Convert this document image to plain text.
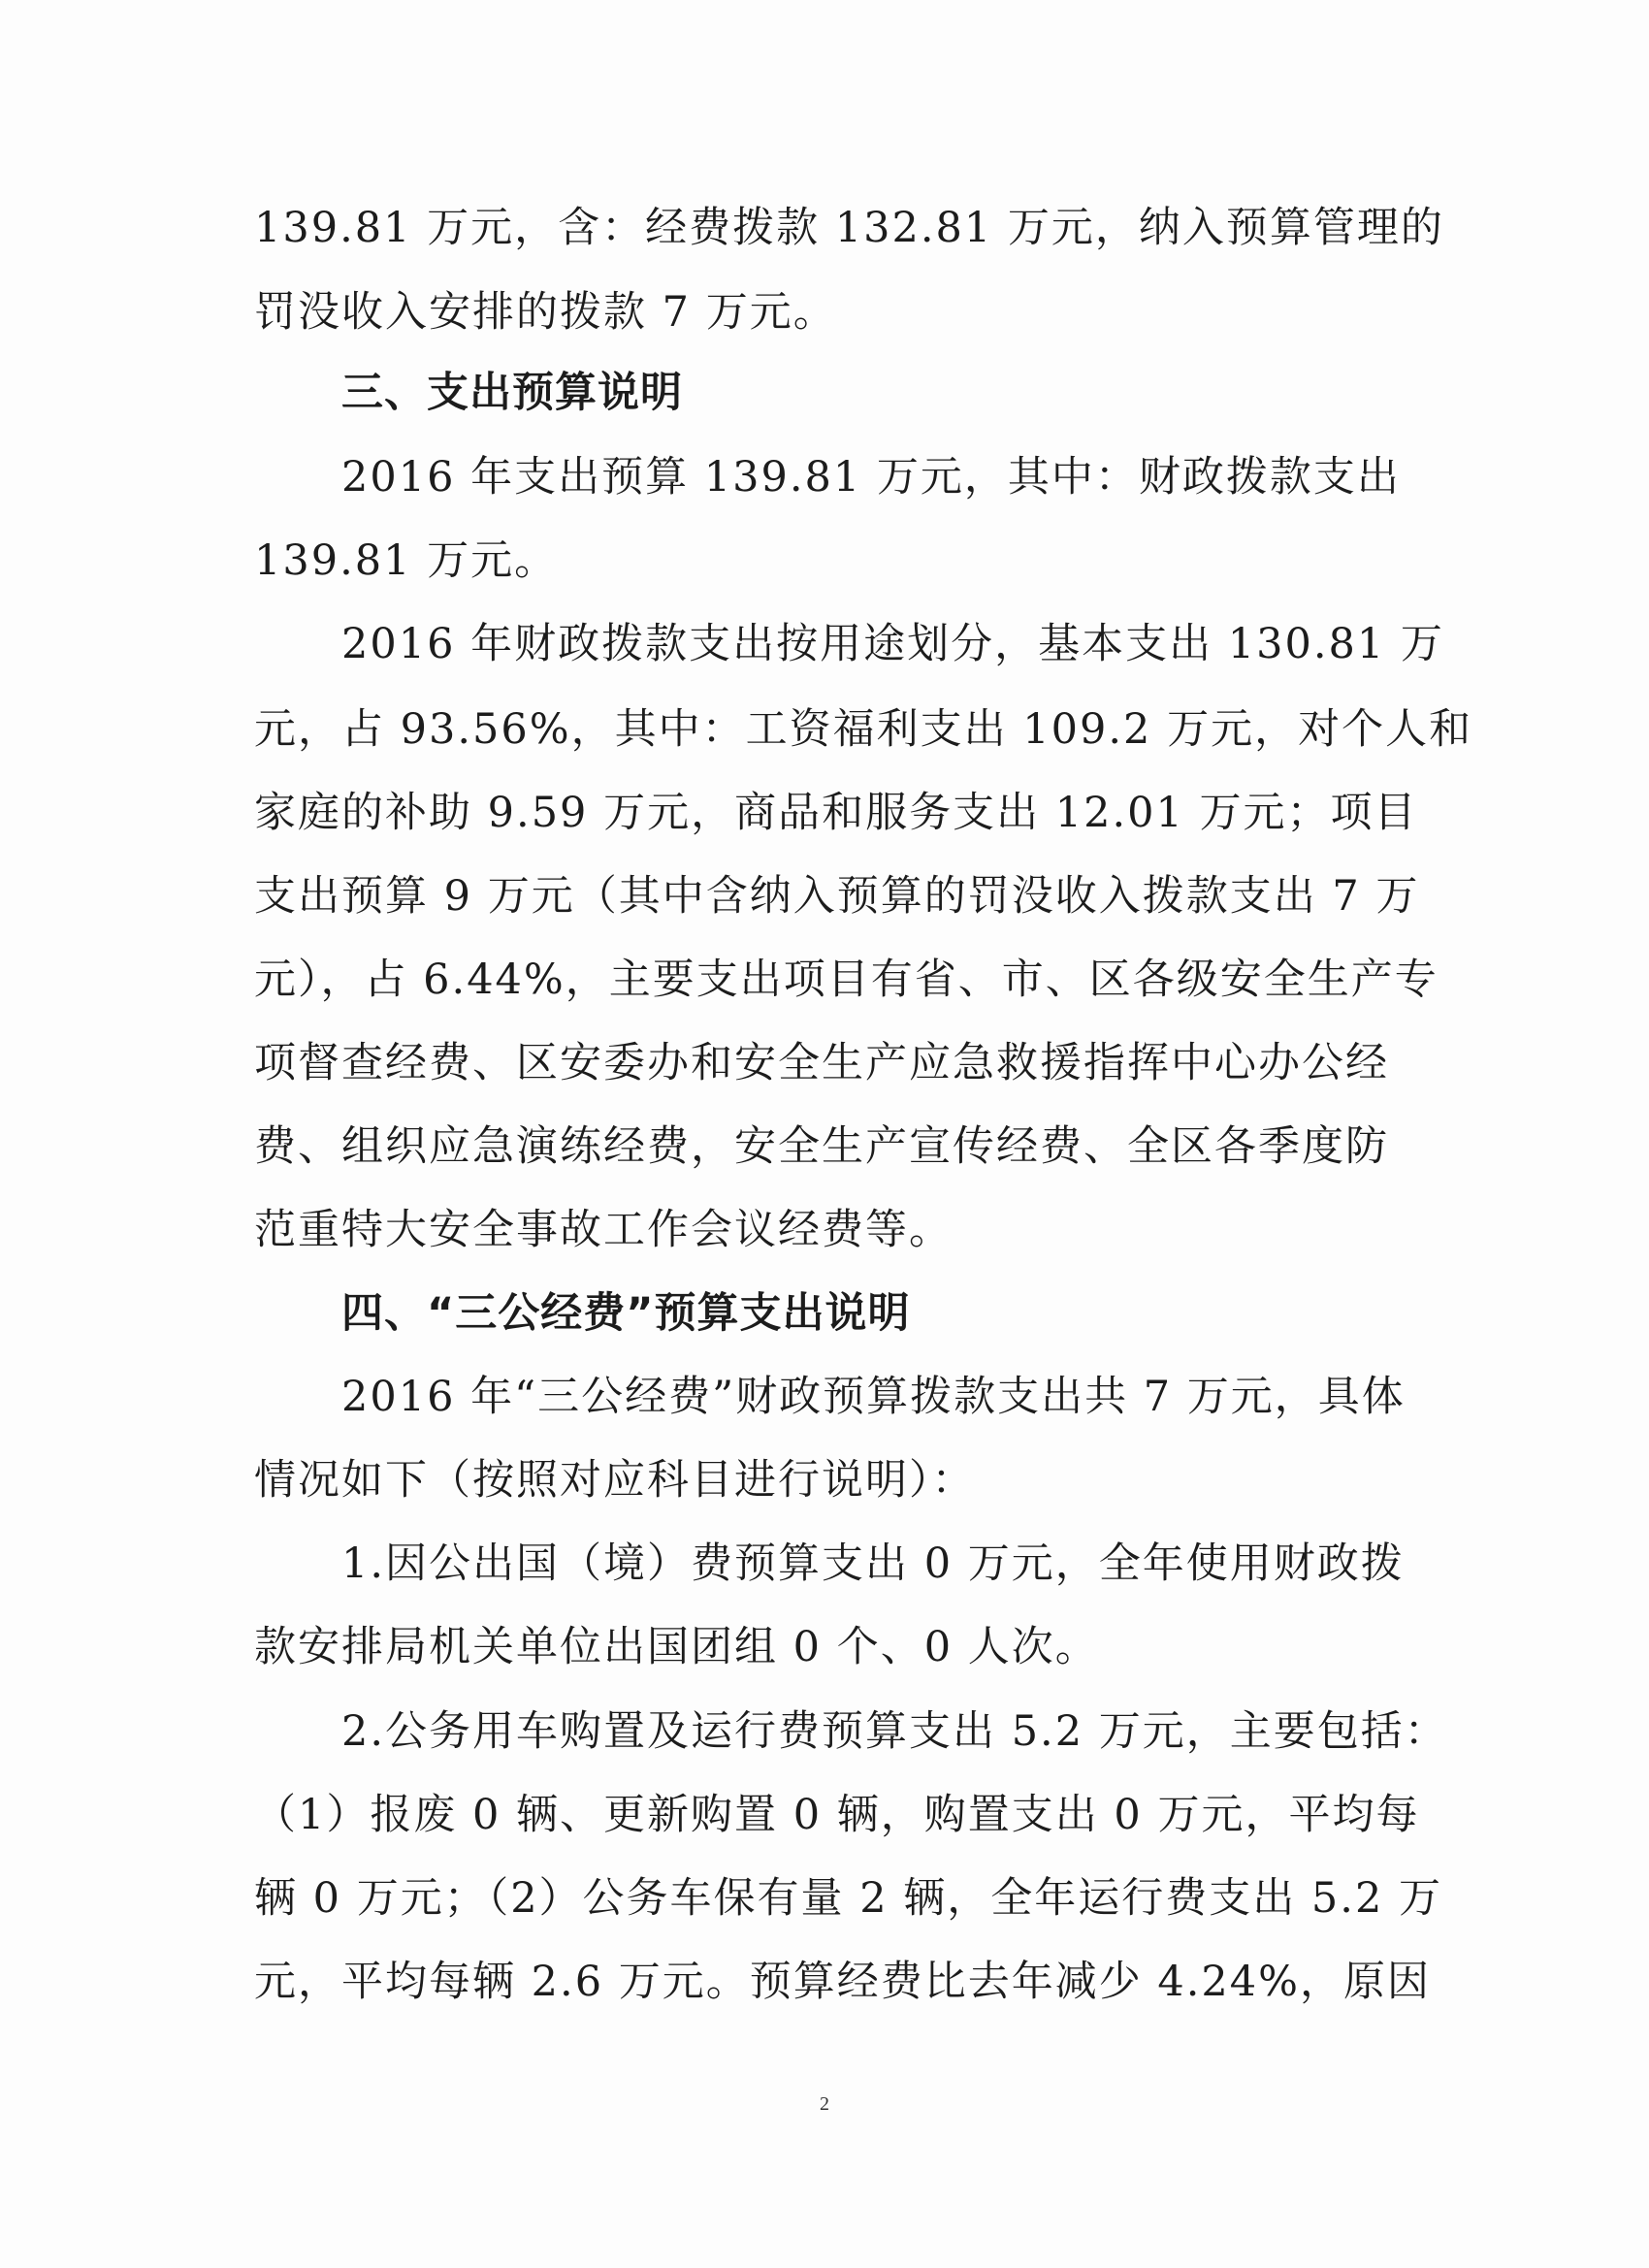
139.81 万元，含：经费拨款 132.81 万元，纳入预算管理的
罚没收入安排的拨款 7 万元。
三、支出预算说明
2016 年支出预算 139.81 万元，其中：财政拨款支出
139.81 万元。
2016 年财政拨款支出按用途划分，基本支出 130.81 万
元，占 93.56%，其中：工资福利支出 109.2 万元，对个人和
家庭的补助 9.59 万元，商品和服务支出 12.01 万元；项目
支出预算 9 万元（其中含纳入预算的罚没收入拨款支出 7 万
元），占 6.44%，主要支出项目有省、市、区各级安全生产专
项督查经费、区安委办和安全生产应急救援指挥中心办公经
费、组织应急演练经费，安全生产宣传经费、全区各季度防
范重特大安全事故工作会议经费等。
四、“三公经费”预算支出说明
2016 年“三公经费”财政预算拨款支出共 7 万元，具体
情况如下（按照对应科目进行说明）：
1.因公出国（境）费预算支出 0 万元，全年使用财政拨
款安排局机关单位出国团组 0 个、0 人次。
2.公务用车购置及运行费预算支出 5.2 万元，主要包括：
（1）报废 0 辆、更新购置 0 辆，购置支出 0 万元，平均每
辆 0 万元；（2）公务车保有量 2 辆，全年运行费支出 5.2 万
元，平均每辆 2.6 万元。预算经费比去年减少 4.24%，原因
2
